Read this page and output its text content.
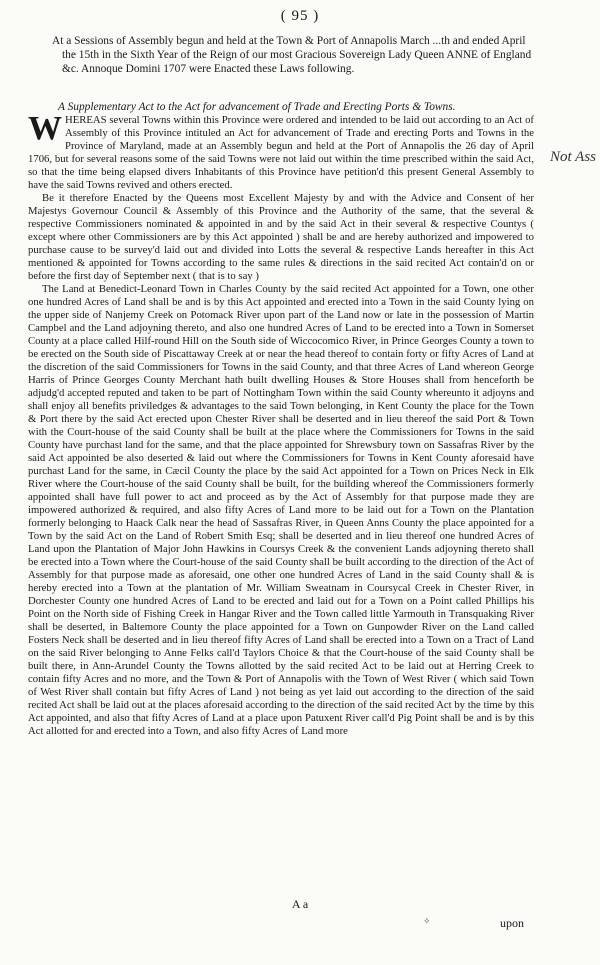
( 95 )
At a Sessions of Assembly begun and held at the Town & Port of Annapolis March ...th and ended April the 15th in the Sixth Year of the Reign of our most Gracious Sovereign Lady Queen ANNE of England &c. Annoque Domini 1707 were Enacted these Laws following.
A Supplementary Act to the Act for advancement of Trade and Erecting Ports & Towns.

WHEREAS several Towns within this Province were ordered and intended to be laid out according to an Act of Assembly of this Province intituled an Act for advancement of Trade and erecting Ports and Towns in the Province of Maryland, made at an Assembly begun and held at the Port of Annapolis the 26 day of April 1706, but for several reasons some of the said Towns were not laid out within the time prescribed within the said Act, so that the time being elapsed divers Inhabitants of this Province have petition'd this present General Assembly to have the said Towns revived and others erected.

Be it therefore Enacted by the Queens most Excellent Majesty by and with the Advice and Consent of her Majestys Governour Council & Assembly of this Province and the Authority of the same, that the several & respective Commissioners nominated & appointed in and by the said Act in their several & respective Countys ( except where other Commissioners are by this Act appointed ) shall be and are hereby authorized and impowered to purchase cause to be survey'd laid out and divided into Lotts the several & respective Lands hereafter in this Act mentioned & appointed for Towns according to the same rules & directions in the said recited Act contain'd on or before the first day of September next ( that is to say )

The Land at Benedict-Leonard Town in Charles County by the said recited Act appointed for a Town, one other one hundred Acres of Land shall be and is by this Act appointed and erected into a Town in the said County lying on the upper side of Nanjemy Creek on Potomack River upon part of the Land now or late in the possession of Martin Campbel and the Land adjoyning thereto, and also one hundred Acres of Land to be erected into a Town in Somerset County at a place called Hilf-round Hill on the South side of Wiccocomico River, in Prince Georges County a town to be erected on the South side of Piscattaway Creek at or near the head thereof to contain forty or fifty Acres of Land at the discretion of the said Commissioners for Towns in the said County, and that three Acres of Land whereon George Harris of Prince Georges County Merchant hath built dwelling Houses & Store Houses shall from henceforth be adjudg'd accepted reputed and taken to be part of Nottingham Town within the said County whereunto it adjoyns and shall enjoy all benefits priviledges & advantages to the said Town belonging, in Kent County the place for the Town & Port there by the said Act erected upon Chester River shall be deserted and in lieu thereof the said Port & Town with the Court-house of the said County shall be built at the place where the Commissioners for Towns in the said County have purchast land for the same, and that the place appointed for Shrewsbury town on Sassafras River by the said Act appointed be also deserted & laid out where the Commissioners for Towns in Kent County aforesaid have purchast Land for the same, in Cæcil County the place by the said Act appointed for a Town on Prices Neck in Elk River where the Court-house of the said County shall be built, for the building whereof the Commissioners formerly appointed shall have full power to act and proceed as by the Act of Assembly for that purpose made they are impowered authorized & required, and also fifty Acres of Land more to be laid out for a Town on the Plantation formerly belonging to Haack Calk near the head of Sassafras River, in Queen Anns County the place appointed for a Town by the said Act on the Land of Robert Smith Esq; shall be deserted and in lieu thereof one hundred Acres of Land upon the Plantation of Major John Hawkins in Coursys Creek & the convenient Lands adjoyning thereto shall be erected into a Town where the Court-house of the said County shall be built according to the direction of the Act of Assembly for that purpose made as aforesaid, one other one hundred Acres of Land in the said County shall & is hereby erected into a Town at the plantation of Mr. William Sweatnam in Coursycal Creek in Chester River, in Dorchester County one hundred Acres of Land to be erected and laid out for a Town on a Point called Phillips his Point on the North side of Fishing Creek in Hangar River and the Town called little Yarmouth in Transquaking River shall be deserted, in Baltemore County the place appointed for a Town on Gunpowder River on the Land called Fosters Neck shall be deserted and in lieu thereof fifty Acres of Land shall be erected into a Town on a Tract of Land on the said River belonging to Anne Felks call'd Taylors Choice & that the Court-house of the said County shall be built there, in Ann-Arundel County the Towns allotted by the said recited Act to be laid out at Herring Creek to contain fifty Acres and no more, and the Town & Port of Annapolis with the Town of West River ( which said Town of West River shall contain but fifty Acres of Land ) not being as yet laid out according to the direction of the said recited Act shall be laid out at the places aforesaid according to the direction of the said recited Act by the time by this Act appointed, and also that fifty Acres of Land at a place upon Patuxent River call'd Pig Point shall be and is by this Act allotted for and erected into a Town, and also fifty Acres of Land more

Not Ass
A a
✧	upon
